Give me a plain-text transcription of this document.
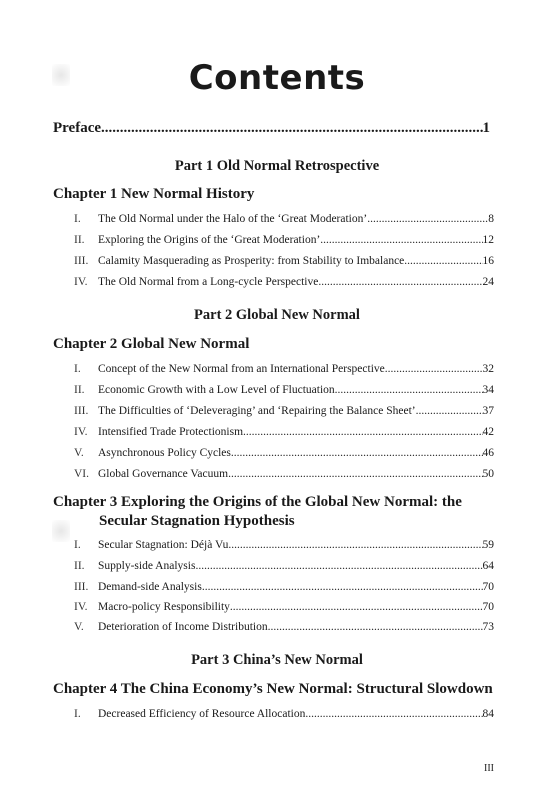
Contents
Preface .....	1
Part 1 Old Normal Retrospective
Chapter 1 New Normal History
I.	The Old Normal under the Halo of the ‘Great Moderation’ .....	8
II.	Exploring the Origins of the ‘Great Moderation’ .....	12
III. Calamity Masquerading as Prosperity: from Stability to Imbalance .....	16
IV. The Old Normal from a Long-cycle Perspective .....	24
Part 2 Global New Normal
Chapter 2 Global New Normal
I.	Concept of the New Normal from an International Perspective .....	32
II.	Economic Growth with a Low Level of Fluctuation .....	34
III. The Difficulties of ‘Deleveraging’ and ‘Repairing the Balance Sheet’ .....	37
IV. Intensified Trade Protectionism .....	42
V.	Asynchronous Policy Cycles .....	46
VI. Global Governance Vacuum .....	50
Chapter 3 Exploring the Origins of the Global New Normal: the
Secular Stagnation Hypothesis
I.	Secular Stagnation: Déjà Vu .....	59
II.	Supply-side Analysis .....	64
III. Demand-side Analysis .....	70
IV. Macro-policy Responsibility .....	70
V.	Deterioration of Income Distribution .....	73
Part 3 China’s New Normal
Chapter 4 The China Economy’s New Normal: Structural Slowdown
I.	Decreased Efficiency of Resource Allocation .....	84
III
